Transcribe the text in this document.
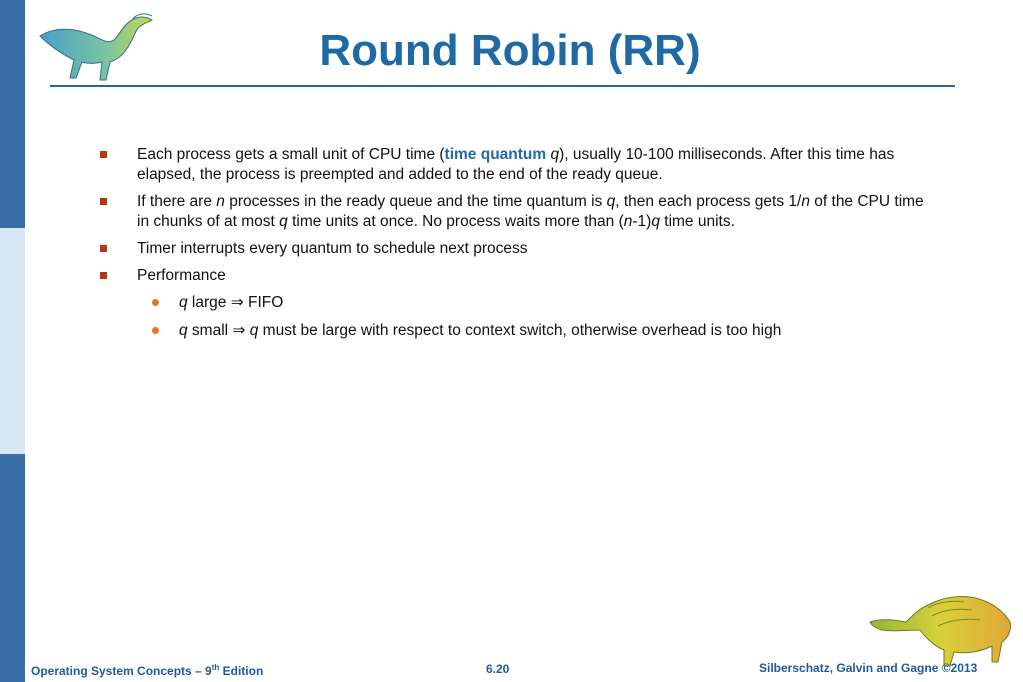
Round Robin (RR)
Each process gets a small unit of CPU time (time quantum q), usually 10-100 milliseconds. After this time has elapsed, the process is preempted and added to the end of the ready queue.
If there are n processes in the ready queue and the time quantum is q, then each process gets 1/n of the CPU time in chunks of at most q time units at once. No process waits more than (n-1)q time units.
Timer interrupts every quantum to schedule next process
Performance
q large ⇒ FIFO
q small ⇒ q must be large with respect to context switch, otherwise overhead is too high
Operating System Concepts – 9th Edition	6.20	Silberschatz, Galvin and Gagne ©2013
